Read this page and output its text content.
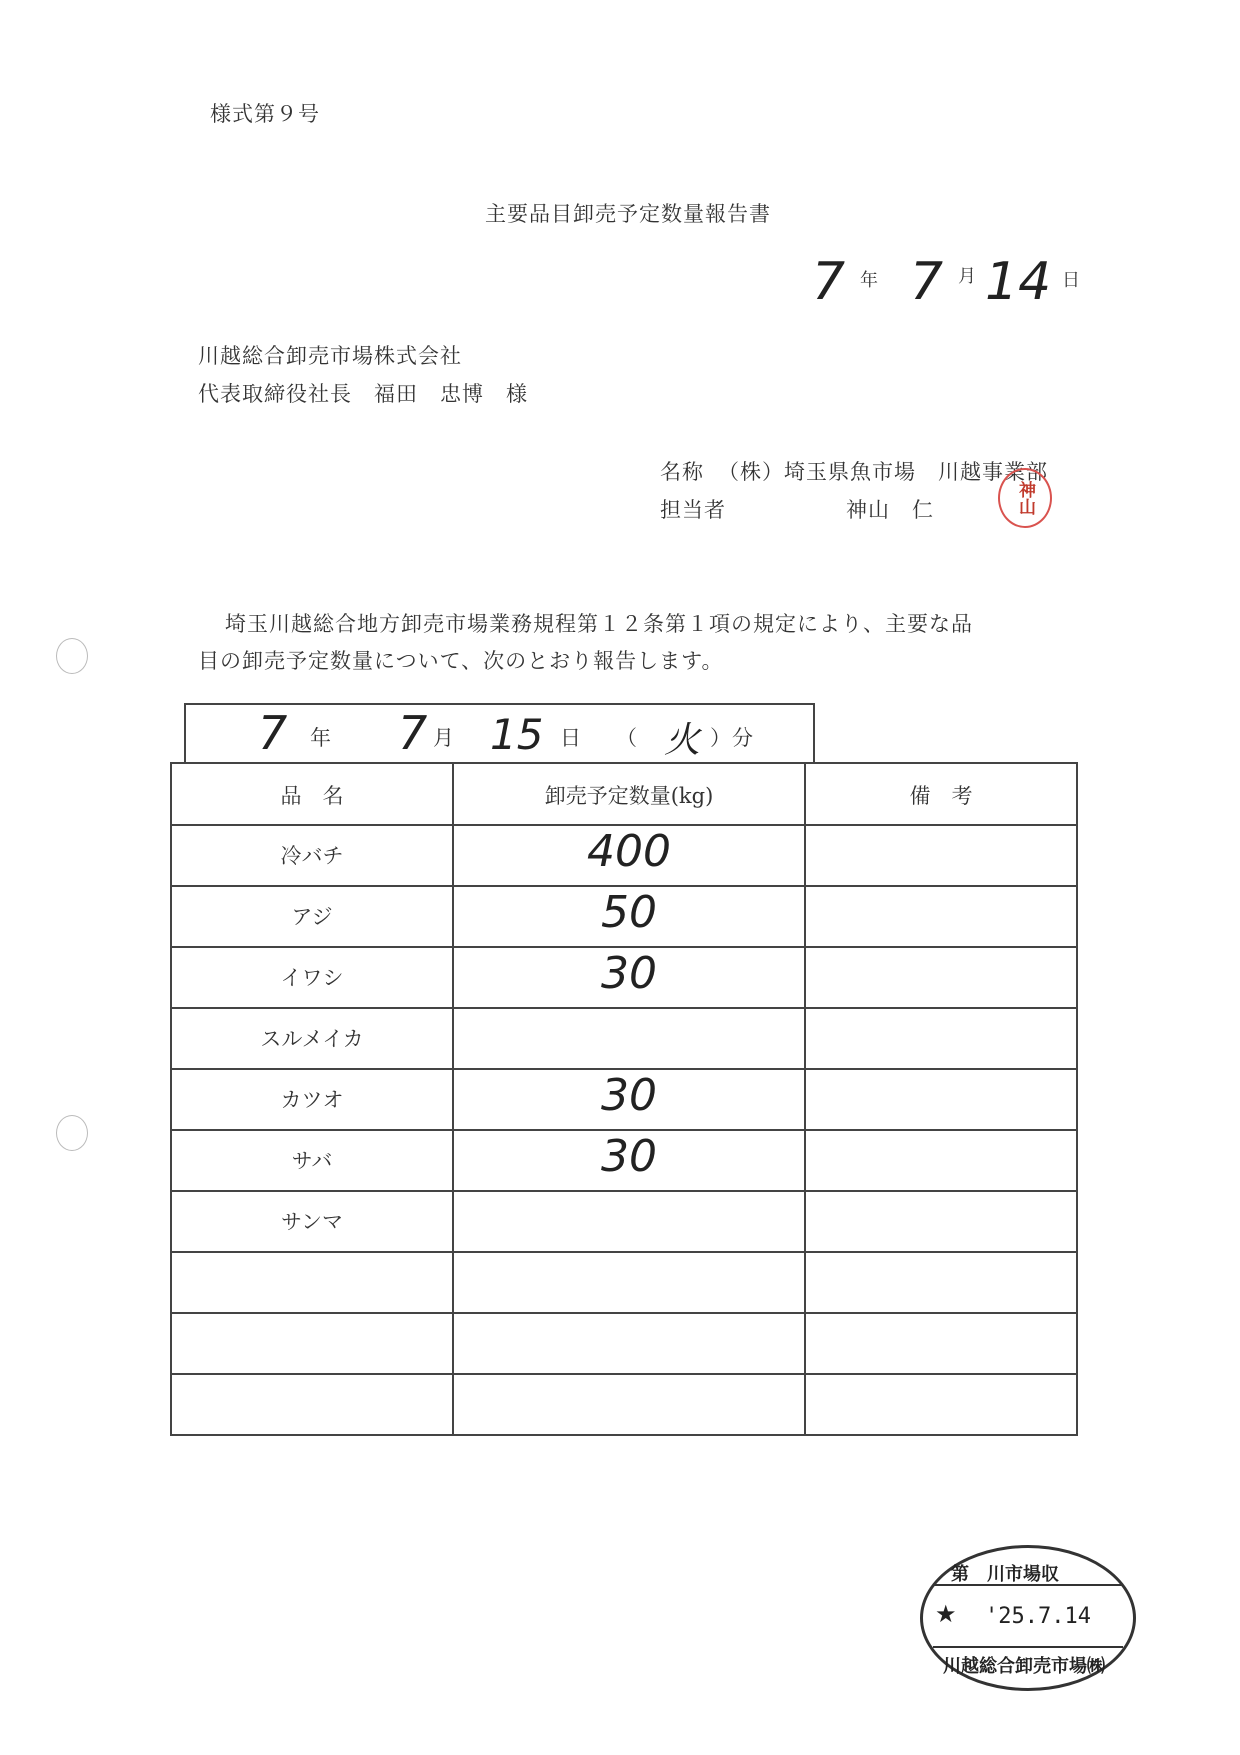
様式第９号
主要品目卸売予定数量報告書
7 年 7 月 14 日
川越総合卸売市場株式会社
代表取締役社長　福田　忠博　様
名称 （株）埼玉県魚市場　川越事業部
担当者	神山　仁	神山
埼玉川越総合地方卸売市場業務規程第１２条第１項の規定により、主要な品
目の卸売予定数量について、次のとおり報告します。
7 年 7 月 15 日 （ 火 ） 分
品　名	卸売予定数量(kg)	備　考
冷バチ	400
アジ	50
イワシ	30
スルメイカ
カツオ	30
サバ	30
サンマ
第　川市場収
★ '25.7.14
川越総合卸売市場㈱
